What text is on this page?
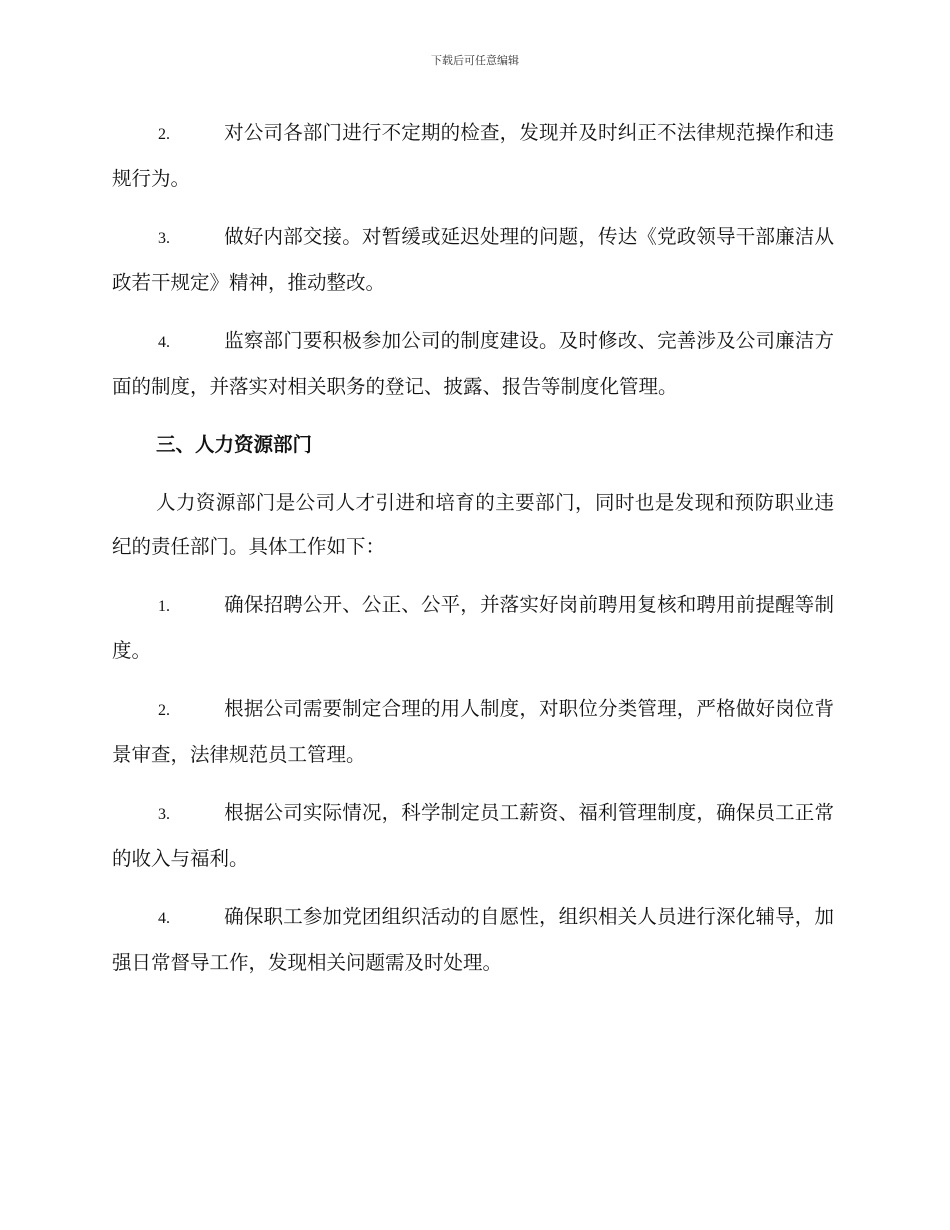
下载后可任意编辑

2.	对公司各部门进行不定期的检查，发现并及时纠正不法律规范操作和违规行为。

3.	做好内部交接。对暂缓或延迟处理的问题，传达《党政领导干部廉洁从政若干规定》精神，推动整改。

4.	监察部门要积极参加公司的制度建设。及时修改、完善涉及公司廉洁方面的制度，并落实对相关职务的登记、披露、报告等制度化管理。

三、人力资源部门

人力资源部门是公司人才引进和培育的主要部门，同时也是发现和预防职业违纪的责任部门。具体工作如下：

1.	确保招聘公开、公正、公平，并落实好岗前聘用复核和聘用前提醒等制度。

2.	根据公司需要制定合理的用人制度，对职位分类管理，严格做好岗位背景审查，法律规范员工管理。

3.	根据公司实际情况，科学制定员工薪资、福利管理制度，确保员工正常的收入与福利。

4.	确保职工参加党团组织活动的自愿性，组织相关人员进行深化辅导，加强日常督导工作，发现相关问题需及时处理。
